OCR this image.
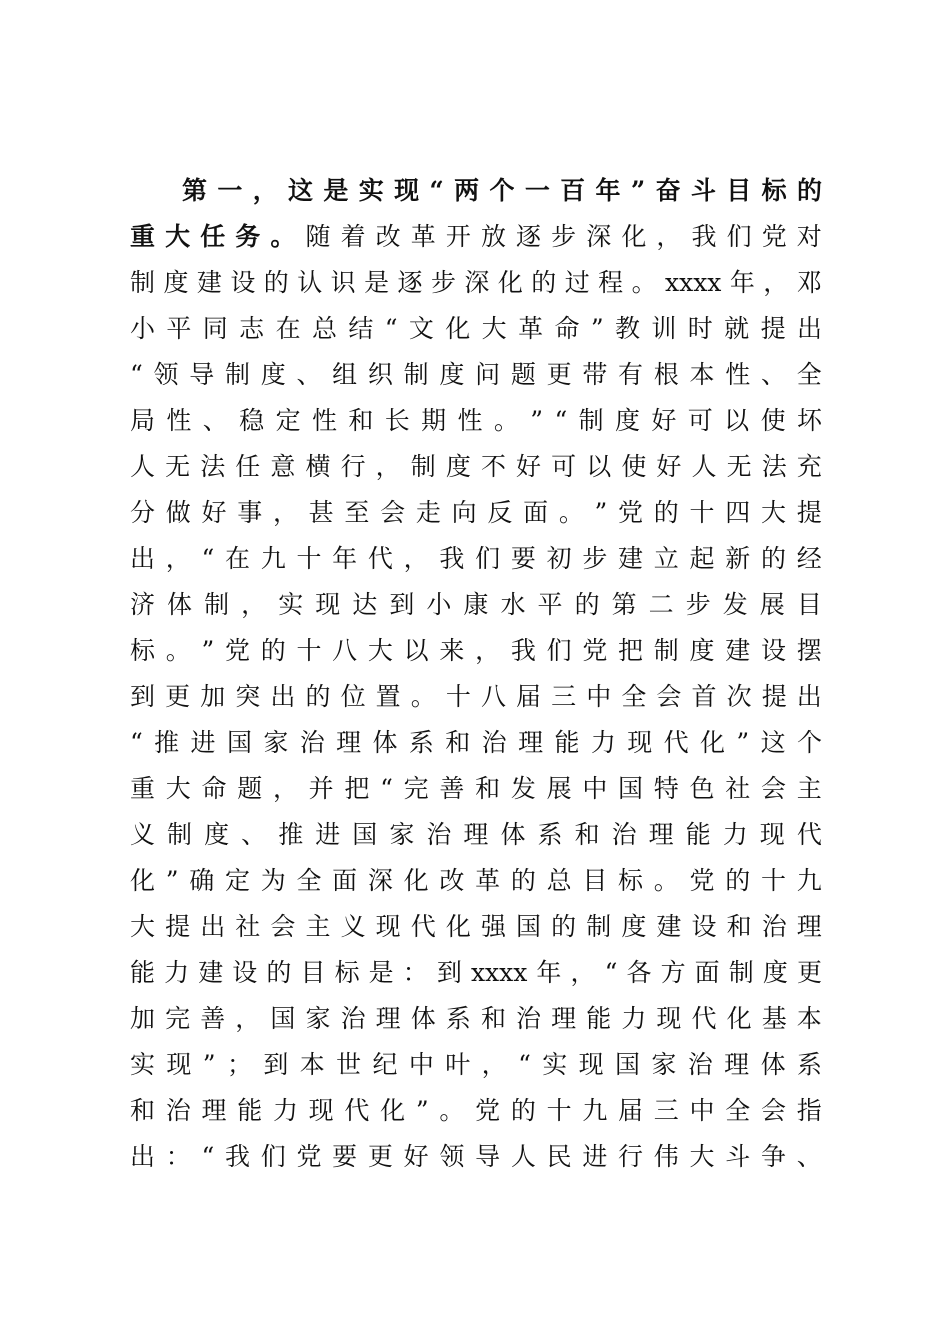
第 一 ， 这 是 实 现 “ 两 个 一 百 年 ” 奋 斗 目 标 的
重 大 任 务 。 随 着 改 革 开 放 逐 步 深 化 ， 我 们 党 对
制 度 建 设 的 认 识 是 逐 步 深 化 的 过 程 。 xxxx 年 ， 邓
小 平 同 志 在 总 结 “ 文 化 大 革 命 ” 教 训 时 就 提 出
“ 领 导 制 度 、 组 织 制 度 问 题 更 带 有 根 本 性 、 全
局 性 、 稳 定 性 和 长 期 性 。 ” “ 制 度 好 可 以 使 坏
人 无 法 任 意 横 行 ， 制 度 不 好 可 以 使 好 人 无 法 充
分 做 好 事 ， 甚 至 会 走 向 反 面 。 ” 党 的 十 四 大 提
出 ， “ 在 九 十 年 代 ， 我 们 要 初 步 建 立 起 新 的 经
济 体 制 ， 实 现 达 到 小 康 水 平 的 第 二 步 发 展 目
标 。 ” 党 的 十 八 大 以 来 ， 我 们 党 把 制 度 建 设 摆
到 更 加 突 出 的 位 置 。 十 八 届 三 中 全 会 首 次 提 出
“ 推 进 国 家 治 理 体 系 和 治 理 能 力 现 代 化 ” 这 个
重 大 命 题 ， 并 把 “ 完 善 和 发 展 中 国 特 色 社 会 主
义 制 度 、 推 进 国 家 治 理 体 系 和 治 理 能 力 现 代
化 ” 确 定 为 全 面 深 化 改 革 的 总 目 标 。 党 的 十 九
大 提 出 社 会 主 义 现 代 化 强 国 的 制 度 建 设 和 治 理
能 力 建 设 的 目 标 是 ： 到 xxxx 年 ， “ 各 方 面 制 度 更
加 完 善 ， 国 家 治 理 体 系 和 治 理 能 力 现 代 化 基 本
实 现 ” ； 到 本 世 纪 中 叶 ， “ 实 现 国 家 治 理 体 系
和 治 理 能 力 现 代 化 ” 。 党 的 十 九 届 三 中 全 会 指
出 ： “ 我 们 党 要 更 好 领 导 人 民 进 行 伟 大 斗 争 、
